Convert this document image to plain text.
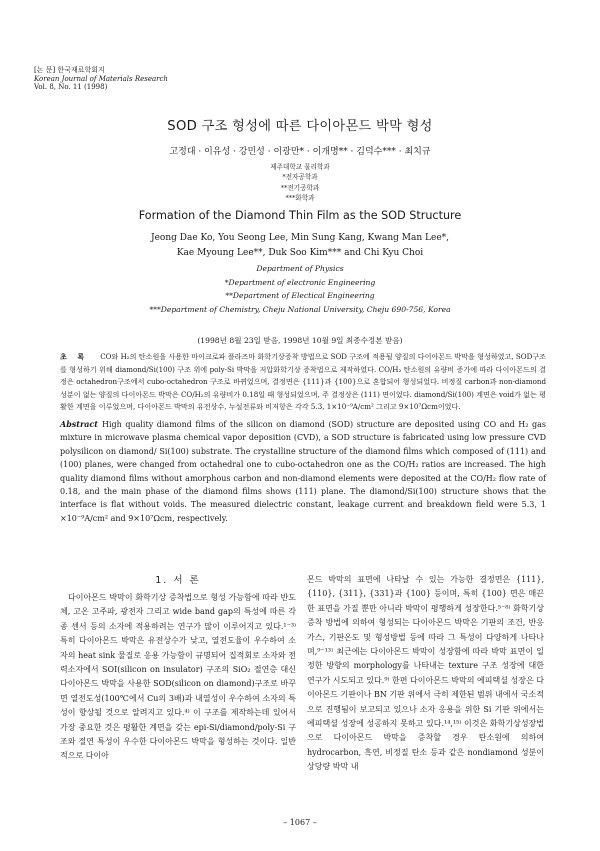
[논 문] 한국재료학회지
Korean Journal of Materials Research
Vol. 8, No. 11 (1998)
SOD 구조 형성에 따른 다이아몬드 박막 형성
고정대 · 이유성 · 강민성 · 이광만* · 이개명** · 김덕수*** · 최치규
제주대학교 물리학과
*전자공학과
**전기공학과
***화학과
Formation of the Diamond Thin Film as the SOD Structure
Jeong Dae Ko, You Seong Lee, Min Sung Kang, Kwang Man Lee*,
Kae Myoung Lee**, Duk Soo Kim*** and Chi Kyu Choi
Department of Physics
*Department of electronic Engineering
**Department of Electical Engineering
***Department of Chemistry, Cheju National University, Cheju 690-756, Korea
(1998년 8월 23일 받음, 1998년 10월 9일 최종수정본 받음)
초 록 CO와 H₂의 탄소원을 사용한 마이크로파 플라즈마 화학기상증착 방법으로 SOD 구조에 적용될 양질의 다이아몬드 박막을 형성하였고, SOD구조를 형성하기 위해 diamond/Si(100) 구조 위에 poly-Si 박막을 저압화학기상 증착법으로 제작하였다. CO/H₂ 탄소원의 유량비 증가에 따라 다이아몬드의 결정은 octahedron구조에서 cubo-octahedron 구조로 바뀌었으며, 결정면은 {111}과 {100}으로 혼합되어 형성되었다. 비정질 carbon과 non-diamond 성분이 없는 양질의 다이아몬드 박막은 CO/H₂의 유량비가 0.18일 때 형성되었으며, 주 결정상은 (111) 면이었다. diamond/Si(100) 계면은 void가 없는 평활한 계면을 이루었으며, 다이아몬드 박막의 유전상수, 누설전류와 비저항은 각각 5.3, 1×10⁻⁹A/cm² 그리고 9×10⁷Ωcm이었다.
Abstract High quality diamond films of the silicon on diamond (SOD) structure are deposited using CO and H₂ gas mixture in microwave plasma chemical vapor deposition (CVD), a SOD structure is fabricated using low pressure CVD polysilicon on diamond/ Si(100) substrate. The crystalline structure of the diamond films which composed of (111) and (100) planes, were changed from octahedral one to cubo-octahedron one as the CO/H₂ ratios are increased. The high quality diamond films without amorphous carbon and non-diamond elements were deposited at the CO/H₂ flow rate of 0.18, and the main phase of the diamond films shows (111) plane. The diamond/Si(100) structure shows that the interface is flat without voids. The measured dielectric constant, leakage current and breakdown field were 5.3, 1 ×10⁻⁹A/cm² and 9×10⁷Ωcm, respectively.
1. 서 론

다이아몬드 박막이 화학기상 증착법으로 형성 가능함에 따라 반도체, 고온 고주파, 광전자 그리고 wide band gap의 특성에 따른 각종 센서 등의 소자에 적용하려는 연구가 많이 이루어지고 있다.¹⁻³⁾ 특히 다이아몬드 박막은 유전상수가 낮고, 열전도율이 우수하여 소자의 heat sink 물질로 응용 가능함이 규명되어 집적회로 소자와 전력소자에서 SOI(silicon on insulator) 구조의 SiO₂ 절연층 대신 다이아몬드 박막을 사용한 SOD(silicon on diamond)구조로 바꾸면 열전도성(100℃에서 Cu의 3배)과 내열성이 우수하여 소자의 특성이 향상될 것으로 알려지고 있다.⁴⁾ 이 구조를 제작하는데 있어서 가장 중요한 것은 평활한 계면을 갖는 epi-Si/diamond/poly-Si 구조와 절연 특성이 우수한 다이아몬드 박막을 형성하는 것이다. 일반적으로 다이아

몬드 박막의 표면에 나타날 수 있는 가능한 결정면은 {111}, {110}, {311}, {331}과 {100} 등이며, 특히 {100} 면은 매끈한 표면을 가질 뿐만 아니라 박막이 평행하게 성장한다.⁵⁻⁸⁾ 화학기상 증착 방법에 의하여 형성되는 다이아몬드 박막은 기판의 조건, 반응가스, 기판온도 및 형성방법 등에 따라 그 특성이 다양하게 나타나며,⁹⁻¹³⁾ 최근에는 다이아몬드 박막이 성장함에 따라 박막 표면이 일정한 방향의 morphology를 나타내는 texture 구조 성장에 대한 연구가 시도되고 있다.⁹⁾ 한편 다이아몬드 박막의 에피택셜 성장은 다이아몬드 기판이나 BN 기판 위에서 극히 제한된 범위 내에서 국소적으로 진행됨이 보고되고 있으나 소자 응용을 위한 Si 기판 위에서는 에피택셜 성장에 성공하지 못하고 있다.¹⁴,¹⁵⁾ 이것은 화학기상성장법으로 다이아몬드 박막을 증착할 경우 탄소원에 의하여 hydrocarbon, 흑연, 비정질 탄소 등과 같은 nondiamond 성분이 상당량 박막 내

– 1067 –
